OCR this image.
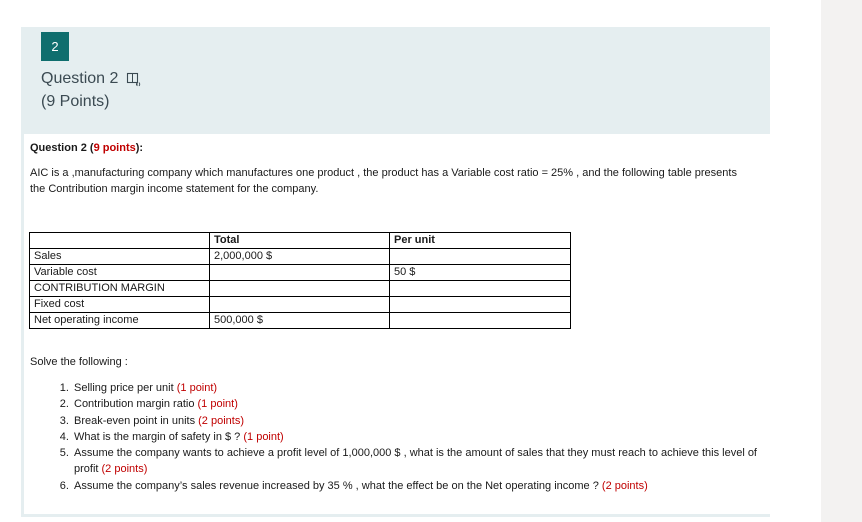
2
Question 2
(9 Points)
Question 2 (9 points):
AIC is a ,manufacturing company which manufactures one product , the product has a Variable cost ratio = 25% , and the following table presents the Contribution margin income statement for the company.
	Total	Per unit
Sales	2,000,000 $	
Variable cost		50 $
CONTRIBUTION MARGIN		
Fixed cost		
Net operating income	500,000 $	
Solve the following :
1. Selling price per unit (1 point)
2. Contribution margin ratio (1 point)
3. Break-even point in units (2 points)
4. What is the margin of safety in $ ? (1 point)
5. Assume the company wants to achieve a profit level of 1,000,000 $ , what is the amount of sales that they must reach to achieve this level of profit (2 points)
6. Assume the company’s sales revenue increased by 35 % , what the effect be on the Net operating income ? (2 points)
